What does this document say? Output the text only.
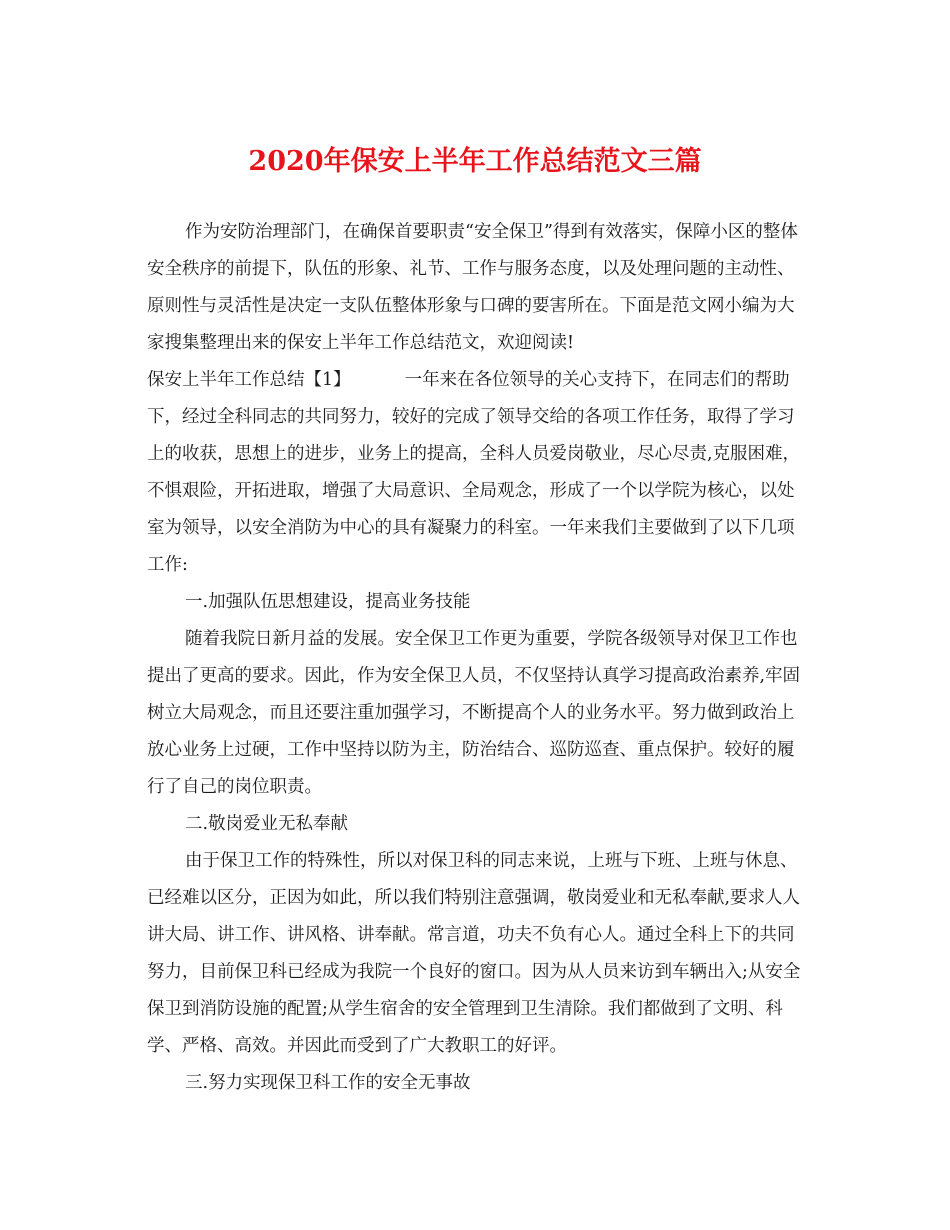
2020年保安上半年工作总结范文三篇

作为安防治理部门，在确保首要职责“安全保卫”得到有效落实，保障小区的整体安全秩序的前提下，队伍的形象、礼节、工作与服务态度，以及处理问题的主动性、原则性与灵活性是决定一支队伍整体形象与口碑的要害所在。下面是范文网小编为大家搜集整理出来的保安上半年工作总结范文，欢迎阅读!

保安上半年工作总结【1】	一年来在各位领导的关心支持下，在同志们的帮助下，经过全科同志的共同努力，较好的完成了领导交给的各项工作任务，取得了学习上的收获，思想上的进步，业务上的提高，全科人员爱岗敬业，尽心尽责,克服困难，不惧艰险，开拓进取，增强了大局意识、全局观念，形成了一个以学院为核心，以处室为领导，以安全消防为中心的具有凝聚力的科室。一年来我们主要做到了以下几项工作:

一.加强队伍思想建设，提高业务技能

随着我院日新月益的发展。安全保卫工作更为重要，学院各级领导对保卫工作也提出了更高的要求。因此，作为安全保卫人员，不仅坚持认真学习提高政治素养,牢固树立大局观念，而且还要注重加强学习，不断提高个人的业务水平。努力做到政治上放心业务上过硬，工作中坚持以防为主，防治结合、巡防巡查、重点保护。较好的履行了自己的岗位职责。

二.敬岗爱业无私奉献

由于保卫工作的特殊性，所以对保卫科的同志来说，上班与下班、上班与休息、已经难以区分，正因为如此，所以我们特别注意强调，敬岗爱业和无私奉献,要求人人讲大局、讲工作、讲风格、讲奉献。常言道，功夫不负有心人。通过全科上下的共同努力，目前保卫科已经成为我院一个良好的窗口。因为从人员来访到车辆出入;从安全保卫到消防设施的配置;从学生宿舍的安全管理到卫生清除。我们都做到了文明、科学、严格、高效。并因此而受到了广大教职工的好评。

三.努力实现保卫科工作的安全无事故
